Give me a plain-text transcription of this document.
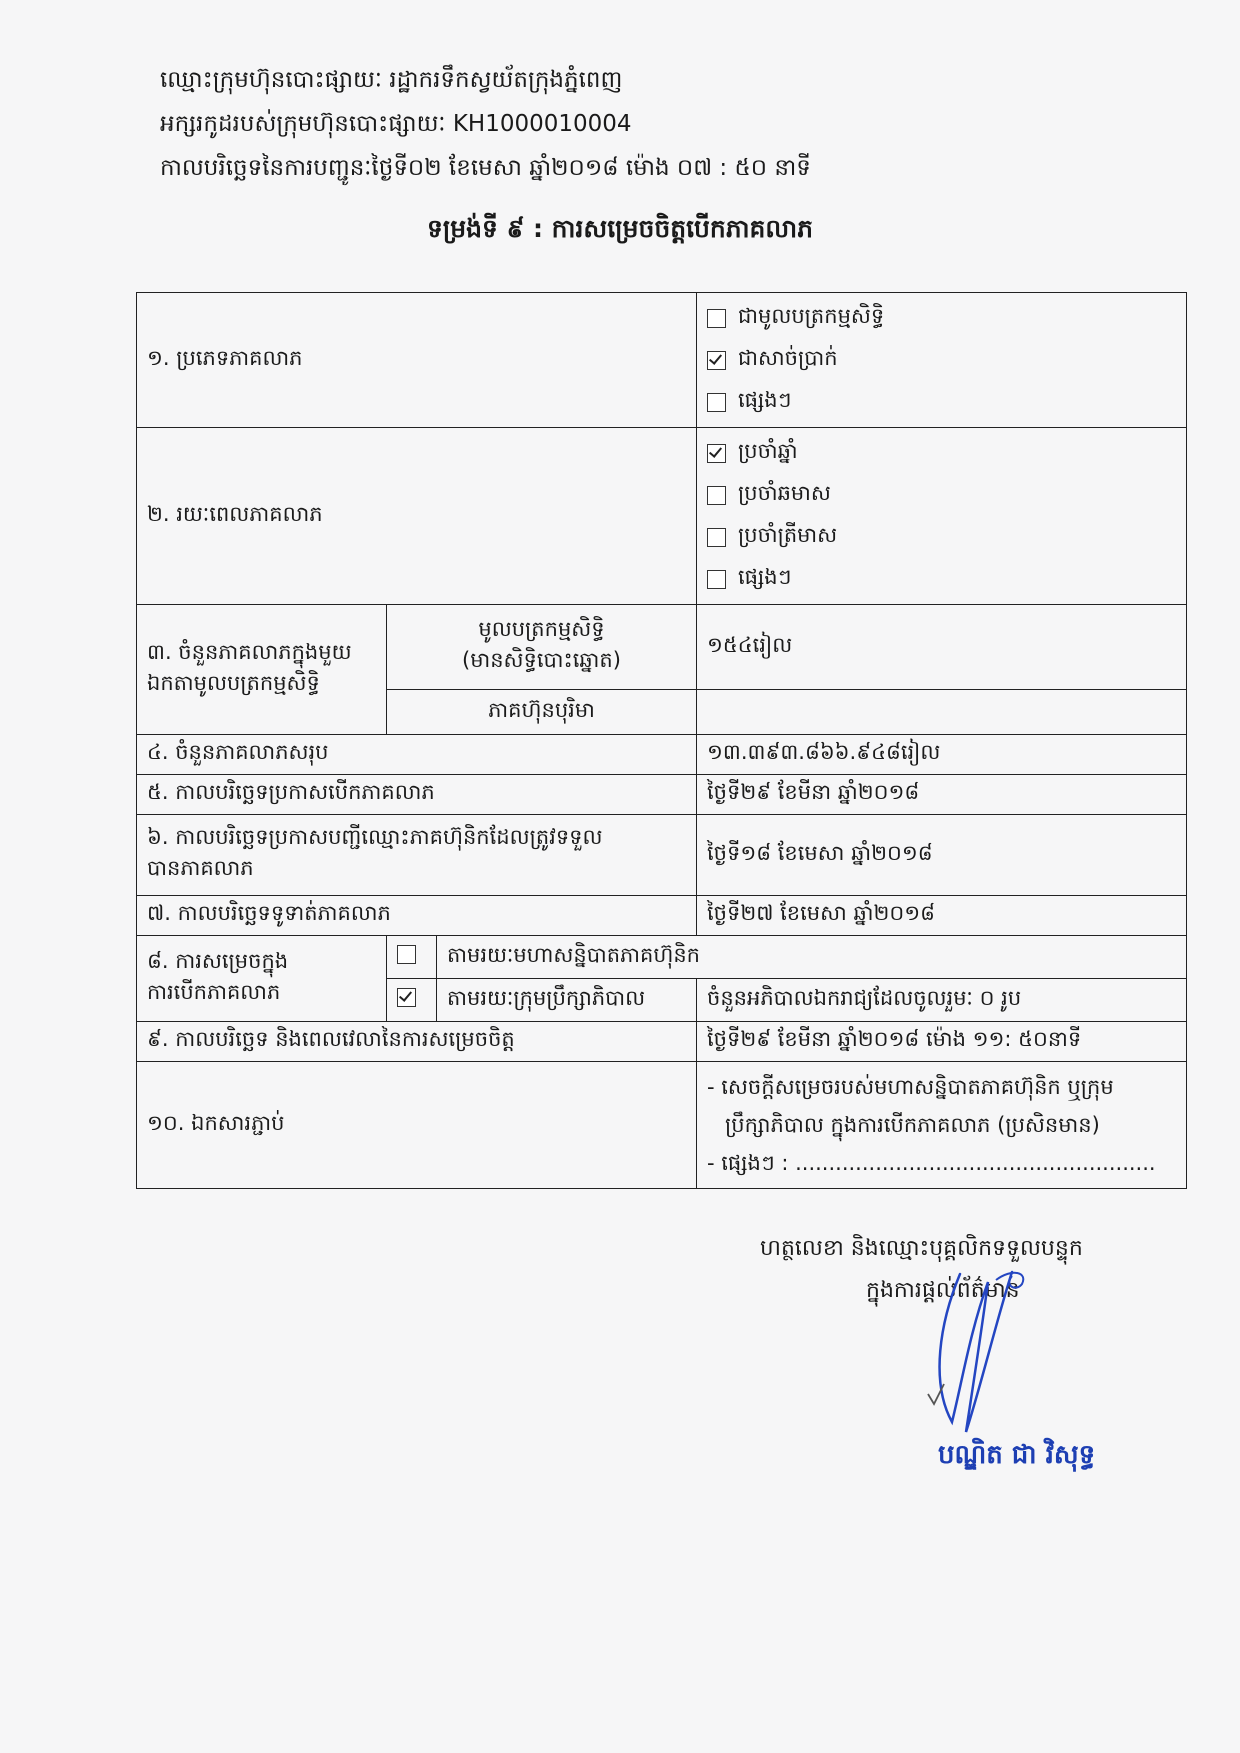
ឈ្មោះក្រុមហ៊ុនបោះផ្សាយៈ រដ្ឋាករទឹកស្វយ័តក្រុងភ្នំពេញ
អក្សរកូដរបស់ក្រុមហ៊ុនបោះផ្សាយៈ KH1000010004
កាលបរិច្ឆេទនៃការបញ្ជូនៈថ្ងៃទី០២ ខែមេសា ឆ្នាំ២០១៨ ម៉ោង ០៧ : ៥០ នាទី
ទម្រង់ទី ៩ : ការសម្រេចចិត្តបើកភាគលាភ
១. ប្រភេទភាគលាភ			ជាមូលបត្រកម្មសិទ្ធិ
ជាសាច់ប្រាក់
ផ្សេងៗ

២. រយៈពេលភាគលាភ			ប្រចាំឆ្នាំ
ប្រចាំឆមាស
ប្រចាំត្រីមាស
ផ្សេងៗ

៣. ចំនួនភាគលាភក្នុងមួយឯកតាមូលបត្រកម្មសិទ្ធិ	មូលបត្រកម្មសិទ្ធិ
(មានសិទ្ធិបោះឆ្នោត)		១៥៤រៀល
	ភាគហ៊ុនបុរិមា		
៤. ចំនួនភាគលាភសរុប			១៣.៣៩៣.៨៦៦.៩៤៨រៀល
៥. កាលបរិច្ឆេទប្រកាសបើកភាគលាភ			ថ្ងៃទី២៩ ខែមីនា ឆ្នាំ២០១៨
៦. កាលបរិច្ឆេទប្រកាសបញ្ជីឈ្មោះភាគហ៊ុនិកដែលត្រូវទទួលបានភាគលាភ			ថ្ងៃទី១៨ ខែមេសា ឆ្នាំ២០១៨
៧. កាលបរិច្ឆេទទូទាត់ភាគលាភ			ថ្ងៃទី២៧ ខែមេសា ឆ្នាំ២០១៨
៨. ការសម្រេចក្នុងការបើកភាគលាភ		តាមរយៈមហាសន្និបាតភាគហ៊ុនិក	
		តាមរយៈក្រុមប្រឹក្សាភិបាល	ចំនួនអភិបាលឯករាជ្យដែលចូលរួមៈ ០ រូប
៩. កាលបរិច្ឆេទ និងពេលវេលានៃការសម្រេចចិត្ត			ថ្ងៃទី២៩ ខែមីនា ឆ្នាំ២០១៨ ម៉ោង ១១: ៥០នាទី
១០. ឯកសារភ្ជាប់			- សេចក្តីសម្រេចរបស់មហាសន្និបាតភាគហ៊ុនិក ឬក្រុម
ប្រឹក្សាភិបាល ក្នុងការបើកភាគលាភ (ប្រសិនមាន)
- ផ្សេងៗ : ......................................................
ហត្ថលេខា និងឈ្មោះបុគ្គលិកទទួលបន្ទុក
ក្នុងការផ្តល់ព័ត៌មាន
បណ្ឌិត ជា វិសុទ្ធ
